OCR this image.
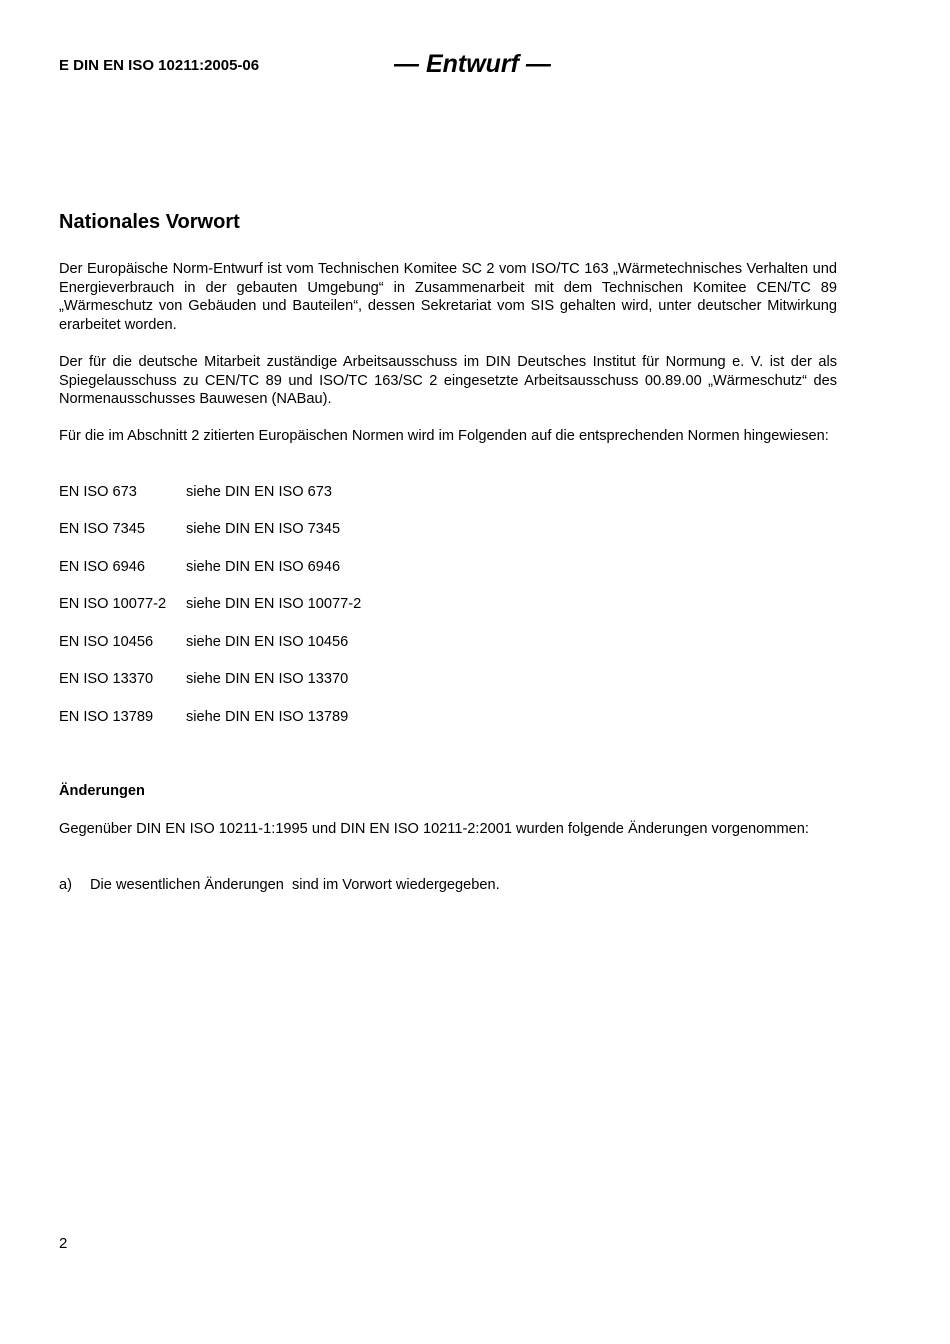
E DIN EN ISO 10211:2005-06	— Entwurf —
Nationales Vorwort

Der Europäische Norm-Entwurf ist vom Technischen Komitee SC 2 vom ISO/TC 163 „Wärmetechnisches Verhalten und Energieverbrauch in der gebauten Umgebung“ in Zusammenarbeit mit dem Technischen Komitee CEN/TC 89 „Wärmeschutz von Gebäuden und Bauteilen“, dessen Sekretariat vom SIS gehalten wird, unter deutscher Mitwirkung erarbeitet worden.

Der für die deutsche Mitarbeit zuständige Arbeitsausschuss im DIN Deutsches Institut für Normung e. V. ist der als Spiegelausschuss zu CEN/TC 89 und ISO/TC 163/SC 2 eingesetzte Arbeitsausschuss 00.89.00 „Wärmeschutz“ des Normenausschusses Bauwesen (NABau).

Für die im Abschnitt 2 zitierten Europäischen Normen wird im Folgenden auf die entsprechenden Normen hingewiesen:

EN ISO 673	siehe DIN EN ISO 673
EN ISO 7345	siehe DIN EN ISO 7345
EN ISO 6946	siehe DIN EN ISO 6946
EN ISO 10077-2 siehe DIN EN ISO 10077-2
EN ISO 10456 siehe DIN EN ISO 10456
EN ISO 13370 siehe DIN EN ISO 13370
EN ISO 13789 siehe DIN EN ISO 13789
Änderungen

Gegenüber DIN EN ISO 10211-1:1995 und DIN EN ISO 10211-2:2001 wurden folgende Änderungen vorgenommen:

a) Die wesentlichen Änderungen  sind im Vorwort wiedergegeben.
2
